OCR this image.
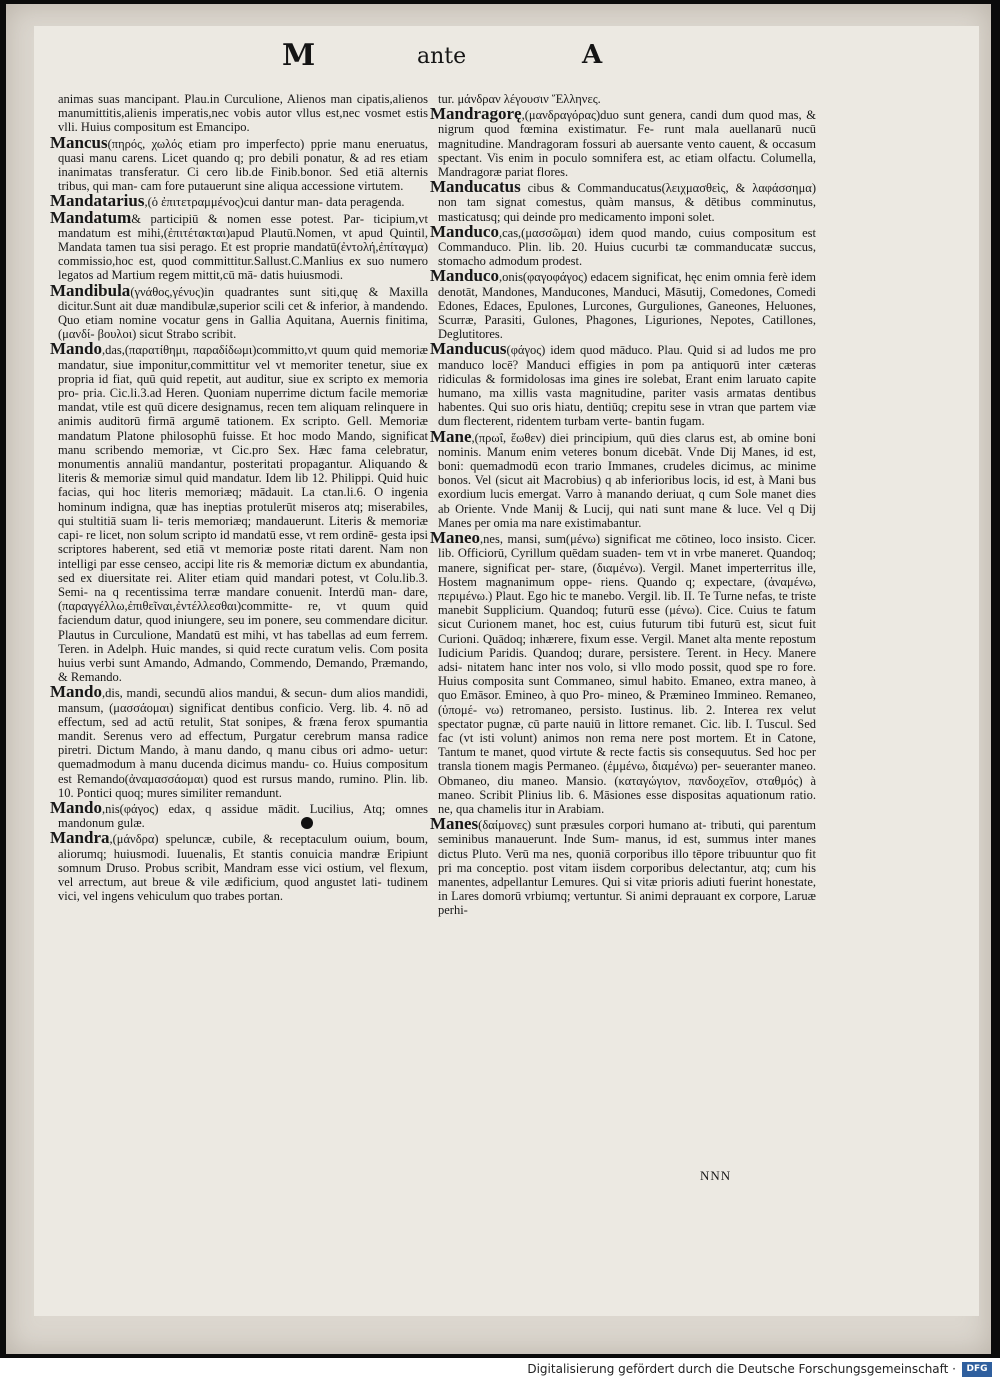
M	ante	A
animas suas mancipant. Plau.in Curculione, Alienos man cipatis,alienos manumittitis,alienis imperatis,nec vobis autor vllus est,nec vosmet estis vlli. Huius compositum est Emancipo.
Mancus(πηρός, χωλός etiam pro imperfecto) pprie manu eneruatus, quasi manu carens. Licet quando q; pro debili ponatur, & ad res etiam inanimatas transferatur. Ci cero lib.de Finib.bonor. Sed etiā alternis tribus, qui man- cam fore putauerunt sine aliqua accessione virtutem.
Mandatarius,(ὁ ἐπιτετραμμένος)cui dantur man- data peragenda.
Mandatum& participiū & nomen esse potest. Par- ticipium,vt mandatum est mihi,(ἐπιτέτακται)apud Plautū.Nomen, vt apud Quintil, Mandata tamen tua sisi perago. Et est proprie mandatū(ἐντολή,ἐπίταγμα) commissio,hoc est, quod committitur.Sallust.C.Manlius ex suo numero legatos ad Martium regem mittit,cū mā- datis huiusmodi.
Mandibula(γνάθος,γένυς)in quadrantes sunt siti,quę & Maxilla dicitur.Sunt ait duæ mandibulæ,superior scili cet & inferior, à mandendo. Quo etiam nomine vocatur gens in Gallia Aquitana, Auernis finitima, (μανδί- βουλοι) sicut Strabo scribit.
Mando,das,(παρατίθημι, παραδίδωμι)committo,vt quum quid memoriæ mandatur, siue imponitur,committitur vel vt memoriter tenetur, siue ex propria id fiat, quū quid repetit, aut auditur, siue ex scripto ex memoria pro- pria. Cic.li.3.ad Heren. Quoniam nuperrime dictum facile memoriæ mandat, vtile est quū dicere designamus, recen tem aliquam relinquere in animis auditorū firmā argumē tationem. Ex scripto. Gell. Memoriæ mandatum Platone philosophū fuisse. Et hoc modo Mando, significat manu scribendo memoriæ, vt Cic.pro Sex. Hæc fama celebratur, monumentis annaliū mandantur, posteritati propagantur. Aliquando & literis & memoriæ simul quid mandatur. Idem lib 12. Philippi. Quid huic facias, qui hoc literis memoriæq; mādauit. La ctan.li.6. O ingenia hominum indigna, quæ has ineptias protulerūt miseros atq; miserabiles, qui stultitiā suam li- teris memoriæq; mandauerunt. Literis & memoriæ capi- re licet, non solum scripto id mandatū esse, vt rem ordinē- gesta ipsi scriptores haberent, sed etiā vt memoriæ poste ritati darent. Nam non intelligi par esse censeo, accipi lite ris & memoriæ dictum ex abundantia, sed ex diuersitate rei. Aliter etiam quid mandari potest, vt Colu.lib.3. Semi- na q recentissima terræ mandare conuenit. Interdū man- dare,(παραγγέλλω,ἐπιθεῖναι,ἐντέλλεσθαι)committe- re, vt quum quid faciendum datur, quod iniungere, seu im ponere, seu commendare dicitur. Plautus in Curculione, Mandatū est mihi, vt has tabellas ad eum ferrem. Teren. in Adelph. Huic mandes, si quid recte curatum velis. Com posita huius verbi sunt Amando, Admando, Commendo, Demando, Præmando, & Remando.
Mando,dis, mandi, secundū alios mandui, & secun- dum alios mandidi, mansum, (μασσάομαι) significat dentibus conficio. Verg. lib. 4. nō ad effectum, sed ad actū retulit, Stat sonipes, & fræna ferox spumantia mandit. Serenus vero ad effectum, Purgatur cerebrum mansa radice piretri. Dictum Mando, à manu dando, q manu cibus ori admo- uetur: quemadmodum à manu ducenda dicimus mandu- co. Huius compositum est Remando(ἀναμασσάομαι) quod est rursus mando, rumino. Plin. lib. 10. Pontici quoq; mures similiter remandunt.
Mando,nis(φάγος) edax, q assidue mādit. Lucilius, Atq; omnes mandonum gulæ.
Mandra,(μάνδρα) speluncæ, cubile, & receptaculum ouium, boum, aliorumq; huiusmodi. Iuuenalis, Et stantis conuicia mandræ Eripiunt somnum Druso. Probus scribit, Mandram esse vici ostium, vel flexum, vel arrectum, aut breue & vile ædificium, quod angustet lati- tudinem vici, vel ingens vehiculum quo trabes portan.
tur. μάνδραν λέγουσιν Ἕλληνες.
Mandragorę,(μανδραγόρας)duo sunt genera, candi dum quod mas, & nigrum quod fœmina existimatur. Fe- runt mala auellanarū nucū magnitudine. Mandragoram fossuri ab auersante vento cauent, & occasum spectant. Vis enim in poculo somnifera est, ac etiam olfactu. Columella, Mandragoræ pariat flores.
Manducatus cibus & Commanducatus(λειχμασθεὶς, & λαφάσσημα) non tam signat comestus, quàm mansus, & dētibus comminutus, masticatusq; qui deinde pro medicamento imponi solet.
Manduco,cas,(μασσῶμαι) idem quod mando, cuius compositum est Commanduco. Plin. lib. 20. Huius cucurbi tæ commanducatæ succus, stomacho admodum prodest.
Manduco,onis(φαγοφάγος) edacem significat, hęc enim omnia ferè idem denotāt, Mandones, Manducones, Manduci, Māsutij, Comedones, Comedi Edones, Edaces, Epulones, Lurcones, Gurguliones, Ganeones, Heluones, Scurræ, Parasiti, Gulones, Phagones, Liguriones, Nepotes, Catillones, Deglutitores.
Manducus(φάγος) idem quod māduco. Plau. Quid si ad ludos me pro manduco locē? Manduci effigies in pom pa antiquorū inter cæteras ridiculas & formidolosas ima gines ire solebat, Erant enim laruato capite humano, ma xillis vasta magnitudine, pariter vasis armatas dentibus habentes. Qui suo oris hiatu, dentiūq; crepitu sese in vtran que partem viæ dum flecterent, ridentem turbam verte- bantin fugam.
Mane,(πρωΐ, ἕωθεν) diei principium, quū dies clarus est, ab omine boni nominis. Manum enim veteres bonum dicebāt. Vnde Dij Manes, id est, boni: quemadmodū econ trario Immanes, crudeles dicimus, ac minime bonos. Vel (sicut ait Macrobius) q ab inferioribus locis, id est, à Mani bus exordium lucis emergat. Varro à manando deriuat, q cum Sole manet dies ab Oriente. Vnde Manij & Lucij, qui nati sunt mane & luce. Vel q Dij Manes per omia ma nare existimabantur.
Maneo,nes, mansi, sum(μένω) significat me cōtineo, loco insisto. Cicer. lib. Officiorū, Cyrillum quēdam suaden- tem vt in vrbe maneret. Quandoq; manere, significat per- stare, (διαμένω). Vergil. Manet imperterritus ille, Hostem magnanimum oppe- riens. Quando q; expectare, (ἀναμένω, περιμένω.) Plaut. Ego hic te manebo. Vergil. lib. II. Te Turne nefas, te triste manebit Supplicium. Quandoq; futurū esse (μένω). Cice. Cuius te fatum sicut Curionem manet, hoc est, cuius futurum tibi futurū est, sicut fuit Curioni. Quādoq; inhærere, fixum esse. Vergil. Manet alta mente repostum Iudicium Paridis. Quandoq; durare, persistere. Terent. in Hecy. Manere adsi- nitatem hanc inter nos volo, si vllo modo possit, quod spe ro fore. Huius composita sunt Commaneo, simul habito. Emaneo, extra maneo, à quo Emāsor. Emineo, à quo Pro- mineo, & Præmineo Immineo. Remaneo, (ὑπομέ- νω) retromaneo, persisto. Iustinus. lib. 2. Interea rex velut spectator pugnæ, cū parte nauiū in littore remanet. Cic. lib. I. Tuscul. Sed fac (vt isti volunt) animos non rema nere post mortem. Et in Catone, Tantum te manet, quod virtute & recte factis sis consequutus. Sed hoc per transla tionem magis Permaneo. (ἐμμένω, διαμένω) per- seueranter maneo. Obmaneo, diu maneo. Mansio. (καταγώγιον, πανδοχεῖον, σταθμός) à maneo. Scribit Plinius lib. 6. Māsiones esse dispositas aquationum ratio. ne, qua chamelis itur in Arabiam.
Manes(δαίμονες) sunt præsules corpori humano at- tributi, qui parentum seminibus manauerunt. Inde Sum- manus, id est, summus inter manes dictus Pluto. Verū ma nes, quoniā corporibus illo tēpore tribuuntur quo fit pri ma conceptio. post vitam iisdem corporibus delectantur, atq; cum his manentes, adpellantur Lemures. Qui si vitæ prioris adiuti fuerint honestate, in Lares domorū vrbiumq; vertuntur. Si animi deprauant ex corpore, Laruæ perhi-
NNN
Digitalisierung gefördert durch die Deutsche Forschungsgemeinschaft ·	DFG
